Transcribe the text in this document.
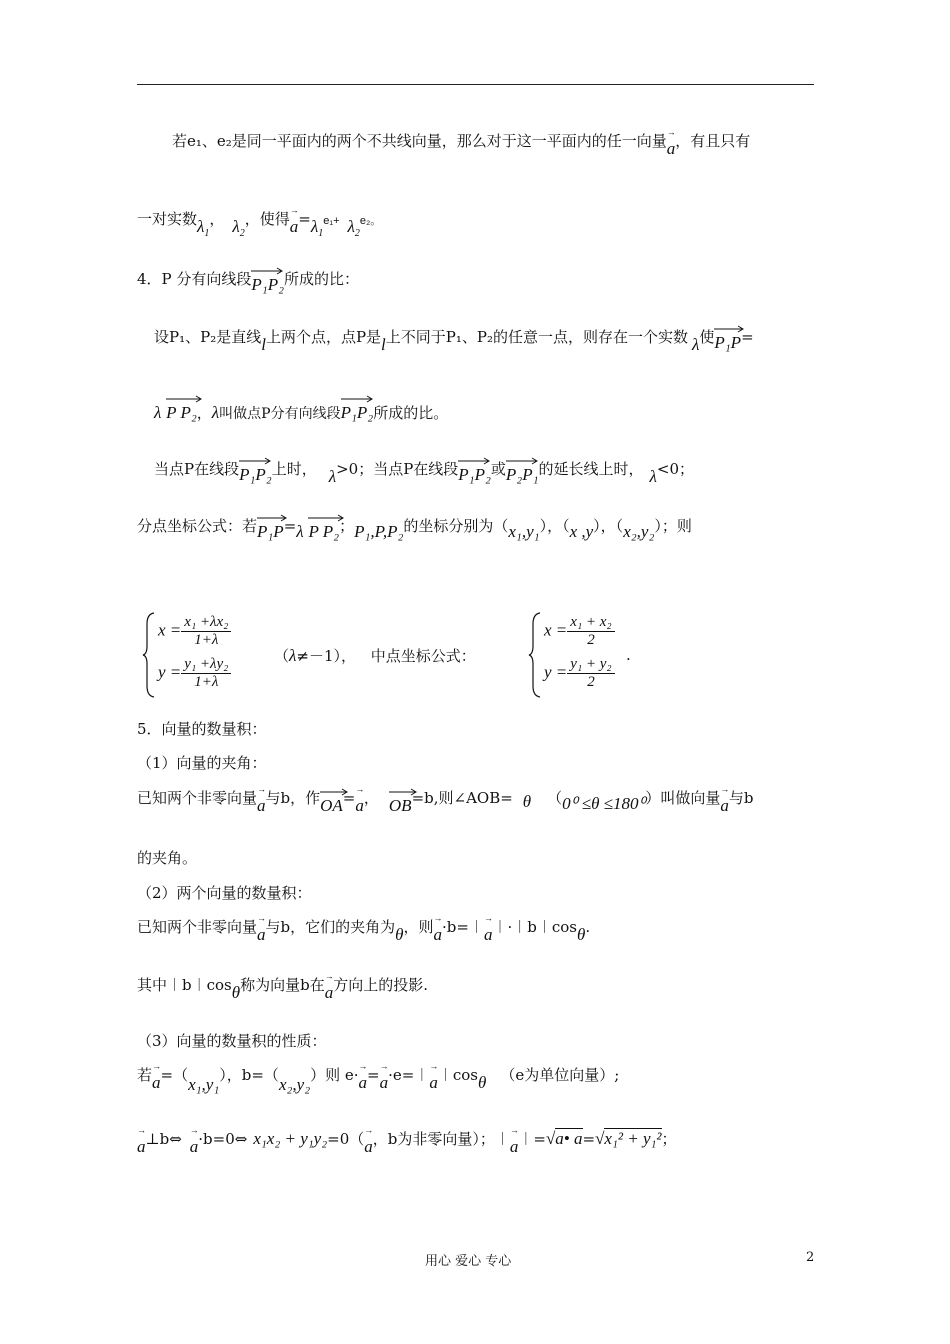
若e₁、e₂是同一平面内的两个不共线向量，那么对于这一平面内的任一向量 →
a，有且只有
一对实数$\lambda_1$， $\lambda_2$，使得 →
$a=\lambda_1e_1+ \lambda_2e_2$。
4．P 分有向线段
P₁P₂所成的比：
设P₁、P₂是直线l上两个点，点P是l上不同于P₁、P₂的任意一点，则存在一个实数 λ使
P₁P=
λ P P₂，λ叫做点P分有向线段
P₁P₂所成的比。
当点P在线段
P₁P₂上时， λ>0；当点P在线段
P₁P₂或
P₂P₁的延长线上时， λ<0；
分点坐标公式：若
P₁P=λ P P₂；P₁,P,P₂的坐标分别为（x₁,y₁），（x ,y），（x₂,y₂）；则
$x = \frac{\text{x₁ +λx₂}}{1+\lambda}$
$y = \frac{\text{y₁ +λy₂}}{1+\lambda}$	（λ≠－1）， 中点坐标公式：
$x = \frac{\text{x₁ + x₂}}{2}$
$y = \frac{\text{y₁ + y₂}}{2}$
.
5．向量的数量积：
（1）向量的夹角：
已知两个非零向量 →
a与b，作
OA= →
a， OB=b,则∠AOB= θ （0⁰ ≤θ ≤180⁰）叫做向量 →
a与b
的夹角。
（2）两个向量的数量积：
已知两个非零向量 →
a与b，它们的夹角为θ，则 →
a·b=︱ →
a︱·︱b︱cosθ.
其中︱b︱cosθ称为向量b在 →
a方向上的投影.
（3）向量的数量积的性质：
若 →
a=（x₁,y₁），b=（x₂,y₂）则 e· →
a= →
a·e=︱ →
a︱cosθ （e为单位向量）;
→
a⊥b⇔ →
a·b=0⇔ x₁x₂ + y₁y₂=0（ →
a，b为非零向量）；︱ →
a︱=√a• a=√x₁² + y₁²；
用心 爱心 专心	2
